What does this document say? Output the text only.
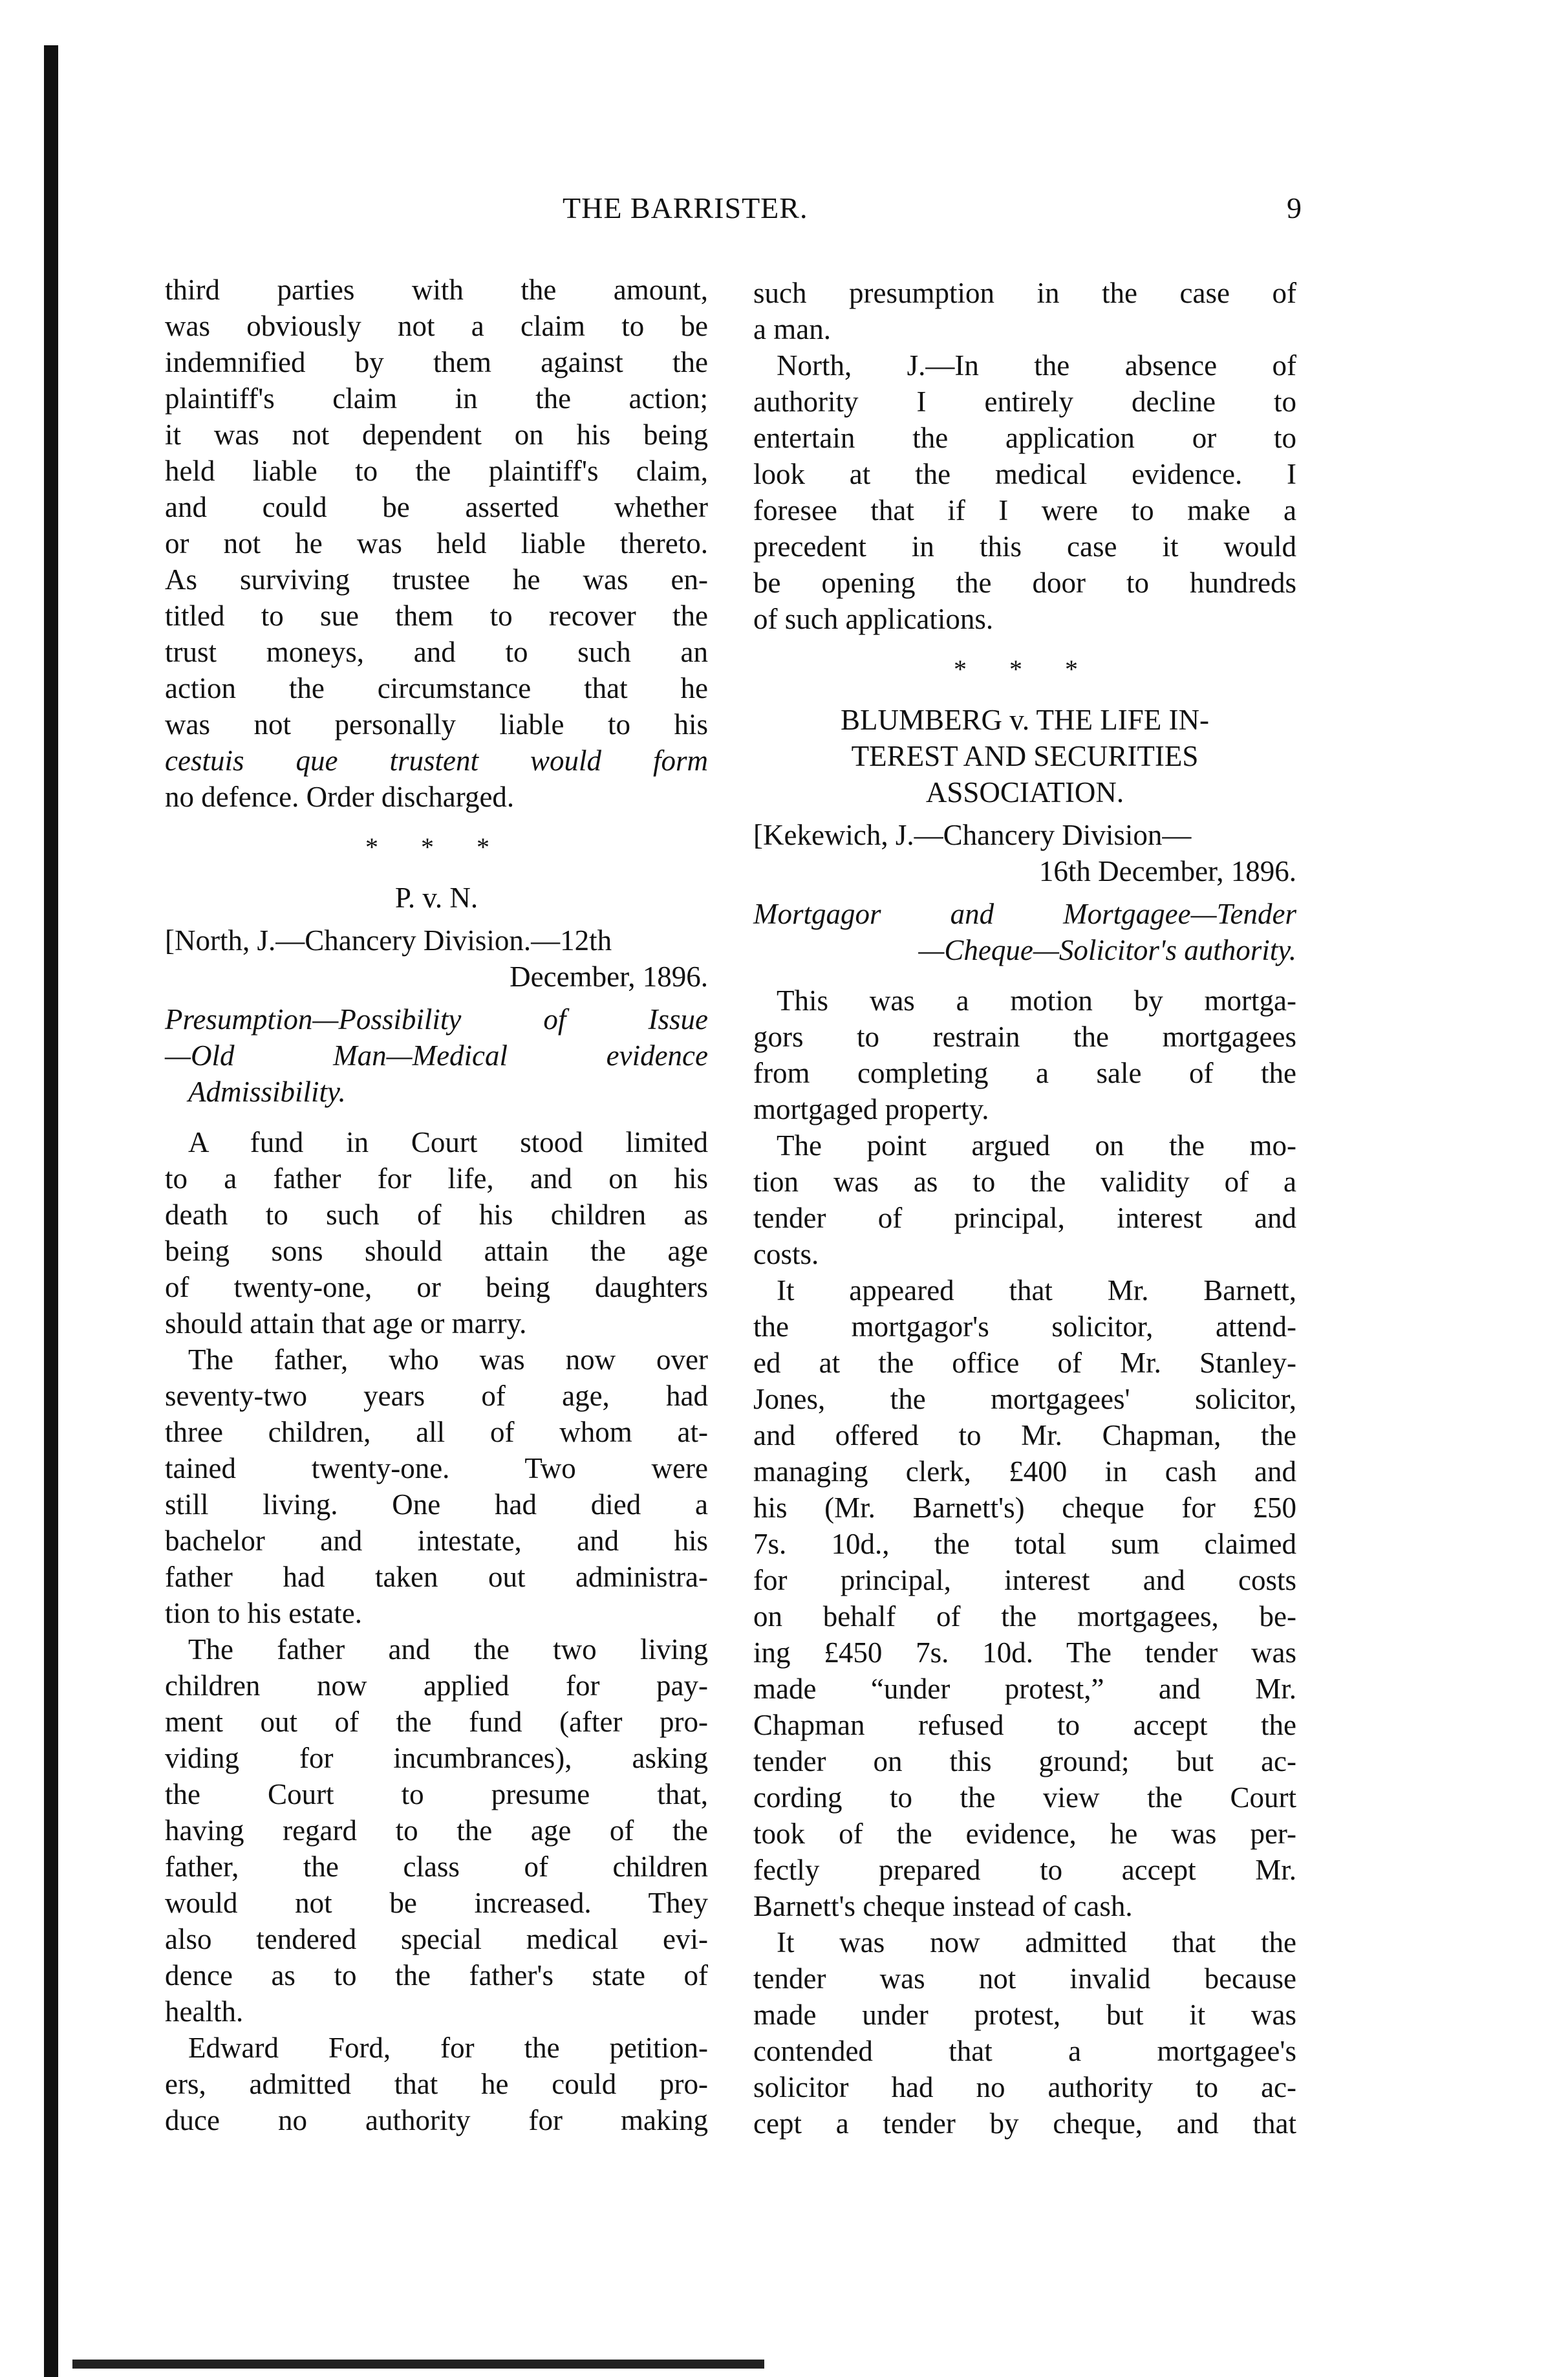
THE BARRISTER.	9

third parties with the amount,
was obviously not a claim to be
indemnified by them against the
plaintiff's claim in the action;
it was not dependent on his being
held liable to the plaintiff's claim,
and could be asserted whether
or not he was held liable thereto.
As surviving trustee he was en-
titled to sue them to recover the
trust moneys, and to such an
action the circumstance that he
was not personally liable to his
cestuis que trustent would form
no defence. Order discharged.

* * *
P. v. N.
[North, J.—Chancery Division.—12th
December, 1896.
Presumption—Possibility of Issue
—Old Man—Medical evidence
Admissibility.

A fund in Court stood limited
to a father for life, and on his
death to such of his children as
being sons should attain the age
of twenty-one, or being daughters
should attain that age or marry.

The father, who was now over
seventy-two years of age, had
three children, all of whom at-
tained twenty-one. Two were
still living. One had died a
bachelor and intestate, and his
father had taken out administra-
tion to his estate.

The father and the two living
children now applied for pay-
ment out of the fund (after pro-
viding for incumbrances), asking
the Court to presume that,
having regard to the age of the
father, the class of children
would not be increased. They
also tendered special medical evi-
dence as to the father's state of
health.

Edward Ford, for the petition-
ers, admitted that he could pro-
duce no authority for making

such presumption in the case of
a man.

North, J.—In the absence of
authority I entirely decline to
entertain the application or to
look at the medical evidence. I
foresee that if I were to make a
precedent in this case it would
be opening the door to hundreds
of such applications.

* * *
BLUMBERG v. THE LIFE IN-
TEREST AND SECURITIES
ASSOCIATION.
[Kekewich, J.—Chancery Division—
16th December, 1896.
Mortgagor and Mortgagee—Tender
—Cheque—Solicitor's authority.

This was a motion by mortga-
gors to restrain the mortgagees
from completing a sale of the
mortgaged property.

The point argued on the mo-
tion was as to the validity of a
tender of principal, interest and
costs.

It appeared that Mr. Barnett,
the mortgagor's solicitor, attend-
ed at the office of Mr. Stanley-
Jones, the mortgagees' solicitor,
and offered to Mr. Chapman, the
managing clerk, £400 in cash and
his (Mr. Barnett's) cheque for £50
7s. 10d., the total sum claimed
for principal, interest and costs
on behalf of the mortgagees, be-
ing £450 7s. 10d. The tender was
made “under protest,” and Mr.
Chapman refused to accept the
tender on this ground; but ac-
cording to the view the Court
took of the evidence, he was per-
fectly prepared to accept Mr.
Barnett's cheque instead of cash.

It was now admitted that the
tender was not invalid because
made under protest, but it was
contended that a mortgagee's
solicitor had no authority to ac-
cept a tender by cheque, and that
